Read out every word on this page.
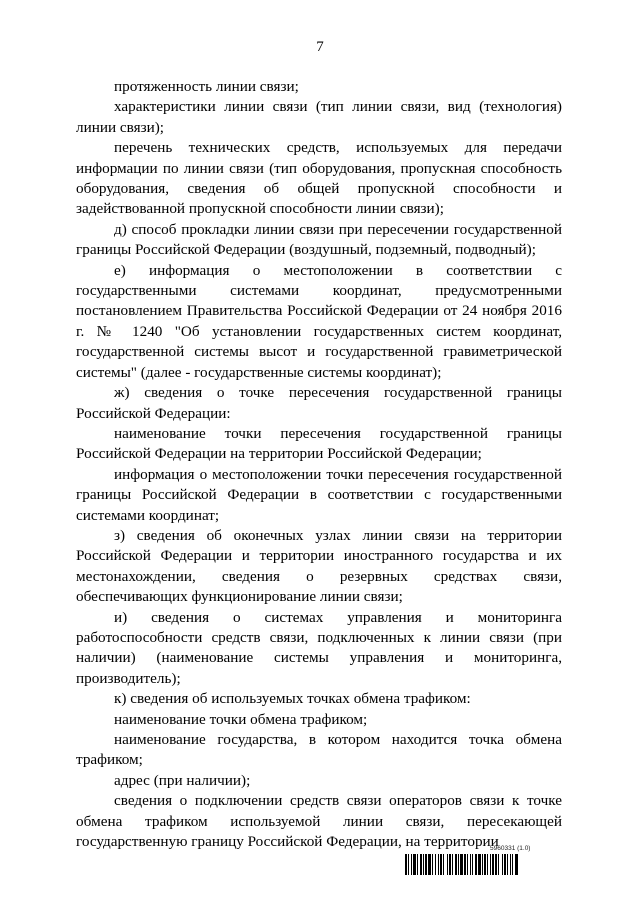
7

протяженность линии связи;

характеристики линии связи (тип линии связи, вид (технология) линии связи);

перечень технических средств, используемых для передачи информации по линии связи (тип оборудования, пропускная способность оборудования, сведения об общей пропускной способности и задействованной пропускной способности линии связи);

д) способ прокладки линии связи при пересечении государственной границы Российской Федерации (воздушный, подземный, подводный);

е) информация о местоположении в соответствии с государственными системами координат, предусмотренными постановлением Правительства Российской Федерации от 24 ноября 2016 г. № 1240 "Об установлении государственных систем координат, государственной системы высот и государственной гравиметрической системы" (далее - государственные системы координат);

ж) сведения о точке пересечения государственной границы Российской Федерации:

наименование точки пересечения государственной границы Российской Федерации на территории Российской Федерации;

информация о местоположении точки пересечения государственной границы Российской Федерации в соответствии с государственными системами координат;

з) сведения об оконечных узлах линии связи на территории Российской Федерации и территории иностранного государства и их местонахождении, сведения о резервных средствах связи, обеспечивающих функционирование линии связи;

и) сведения о системах управления и мониторинга работоспособности средств связи, подключенных к линии связи (при наличии) (наименование системы управления и мониторинга, производитель);

к) сведения об используемых точках обмена трафиком:

наименование точки обмена трафиком;

наименование государства, в котором находится точка обмена трафиком;

адрес (при наличии);

сведения о подключении средств связи операторов связи к точке обмена трафиком используемой линии связи, пересекающей государственную границу Российской Федерации, на территории

5960331 (1.0)
